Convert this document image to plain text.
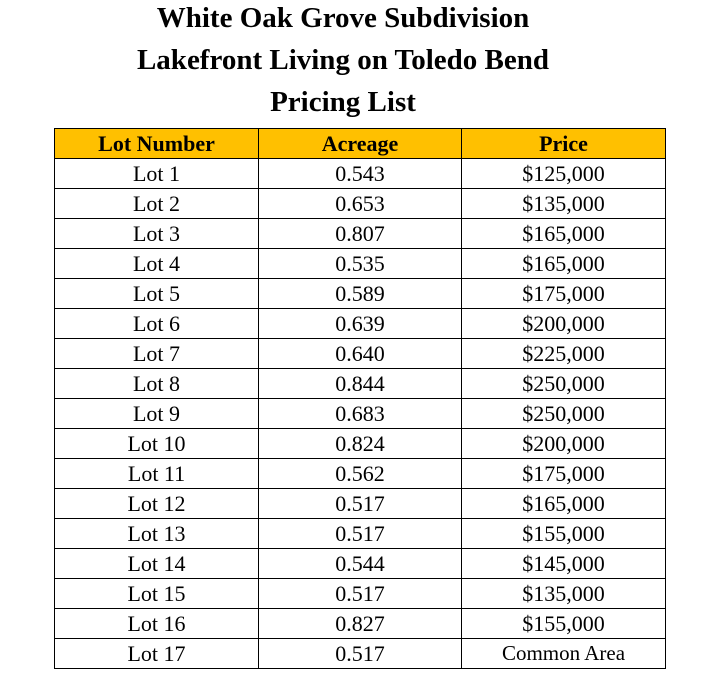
White Oak Grove Subdivision
Lakefront Living on Toledo Bend
Pricing List
Lot Number	Acreage	Price
Lot 1	0.543	$125,000
Lot 2	0.653	$135,000
Lot 3	0.807	$165,000
Lot 4	0.535	$165,000
Lot 5	0.589	$175,000
Lot 6	0.639	$200,000
Lot 7	0.640	$225,000
Lot 8	0.844	$250,000
Lot 9	0.683	$250,000
Lot 10	0.824	$200,000
Lot 11	0.562	$175,000
Lot 12	0.517	$165,000
Lot 13	0.517	$155,000
Lot 14	0.544	$145,000
Lot 15	0.517	$135,000
Lot 16	0.827	$155,000
Lot 17	0.517	Common Area
